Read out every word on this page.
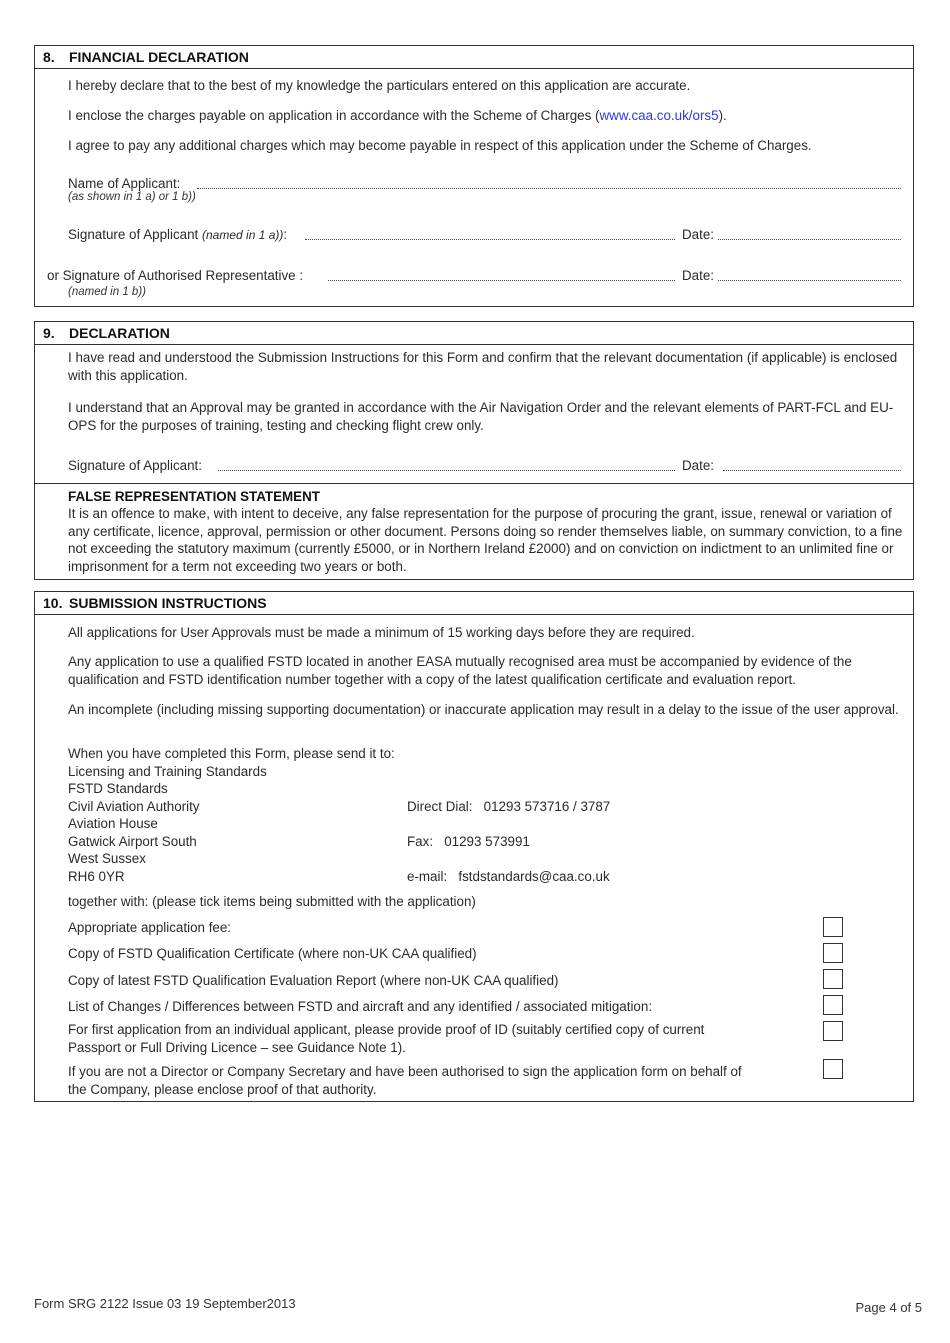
8. FINANCIAL DECLARATION
I hereby declare that to the best of my knowledge the particulars entered on this application are accurate.
I enclose the charges payable on application in accordance with the Scheme of Charges (www.caa.co.uk/ors5).
I agree to pay any additional charges which may become payable in respect of this application under the Scheme of Charges.
Name of Applicant:
(as shown in 1 a) or 1 b))
Signature of Applicant (named in 1 a)):	Date:
or Signature of Authorised Representative :	Date:
(named in 1 b))
9. DECLARATION
I have read and understood the Submission Instructions for this Form and confirm that the relevant documentation (if applicable) is enclosed with this application.
I understand that an Approval may be granted in accordance with the Air Navigation Order and the relevant elements of PART-FCL and EU-OPS for the purposes of training, testing and checking flight crew only.
Signature of Applicant:	Date:
FALSE REPRESENTATION STATEMENT
It is an offence to make, with intent to deceive, any false representation for the purpose of procuring the grant, issue, renewal or variation of any certificate, licence, approval, permission or other document. Persons doing so render themselves liable, on summary conviction, to a fine not exceeding the statutory maximum (currently £5000, or in Northern Ireland £2000) and on conviction on indictment to an unlimited fine or imprisonment for a term not exceeding two years or both.
10. SUBMISSION INSTRUCTIONS
All applications for User Approvals must be made a minimum of 15 working days before they are required.
Any application to use a qualified FSTD located in another EASA mutually recognised area must be accompanied by evidence of the qualification and FSTD identification number together with a copy of the latest qualification certificate and evaluation report.
An incomplete (including missing supporting documentation) or inaccurate application may result in a delay to the issue of the user approval.
When you have completed this Form, please send it to:
Licensing and Training Standards
FSTD Standards
Civil Aviation Authority
Aviation House
Gatwick Airport South
West Sussex
RH6 0YR
Direct Dial: 01293 573716 / 3787
Fax: 01293 573991
e-mail: fstdstandards@caa.co.uk
together with: (please tick items being submitted with the application)
Appropriate application fee:
Copy of FSTD Qualification Certificate (where non-UK CAA qualified)
Copy of latest FSTD Qualification Evaluation Report (where non-UK CAA qualified)
List of Changes / Differences between FSTD and aircraft and any identified / associated mitigation:
For first application from an individual applicant, please provide proof of ID (suitably certified copy of current Passport or Full Driving Licence – see Guidance Note 1).
If you are not a Director or Company Secretary and have been authorised to sign the application form on behalf of the Company, please enclose proof of that authority.
Form SRG 2122 Issue 03 19 September2013	Page 4 of 5
